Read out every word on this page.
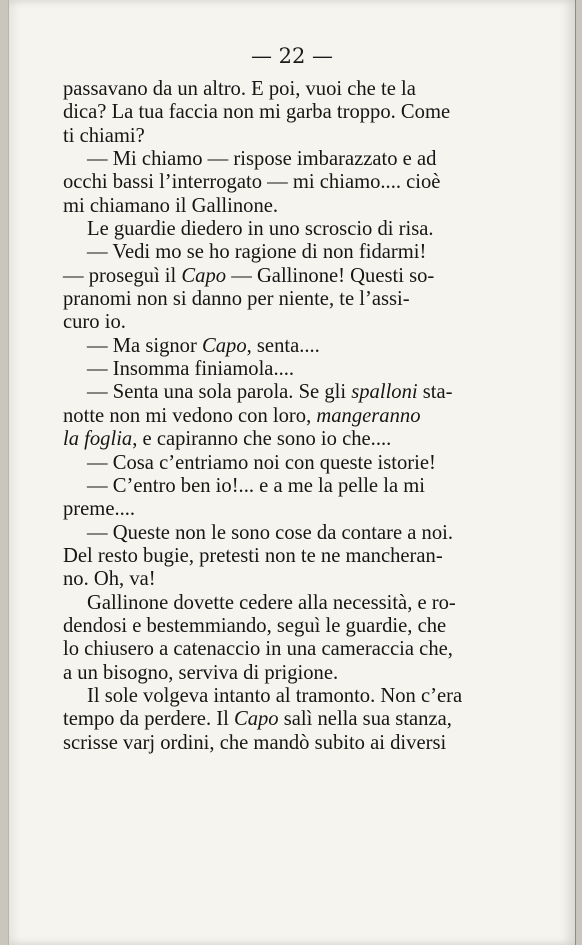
— 22 —
passavano da un altro. E poi, vuoi che te la
dica? La tua faccia non mi garba troppo. Come
ti chiami?
— Mi chiamo — rispose imbarazzato e ad
occhi bassi l’interrogato — mi chiamo.... cioè
mi chiamano il Gallinone.
Le guardie diedero in uno scroscio di risa.
— Vedi mo se ho ragione di non fidarmi!
— proseguì il Capo — Gallinone! Questi so-
pranomi non si danno per niente, te l’assi-
curo io.
— Ma signor Capo, senta....
— Insomma finiamola....
— Senta una sola parola. Se gli spalloni sta-
notte non mi vedono con loro, mangeranno
la foglia, e capiranno che sono io che....
— Cosa c’entriamo noi con queste istorie!
— C’entro ben io!... e a me la pelle la mi
preme....
— Queste non le sono cose da contare a noi.
Del resto bugie, pretesti non te ne mancheran-
no. Oh, va!
Gallinone dovette cedere alla necessità, e ro-
dendosi e bestemmiando, seguì le guardie, che
lo chiusero a catenaccio in una cameraccia che,
a un bisogno, serviva di prigione.
Il sole volgeva intanto al tramonto. Non c’era
tempo da perdere. Il Capo salì nella sua stanza,
scrisse varj ordini, che mandò subito ai diversi
